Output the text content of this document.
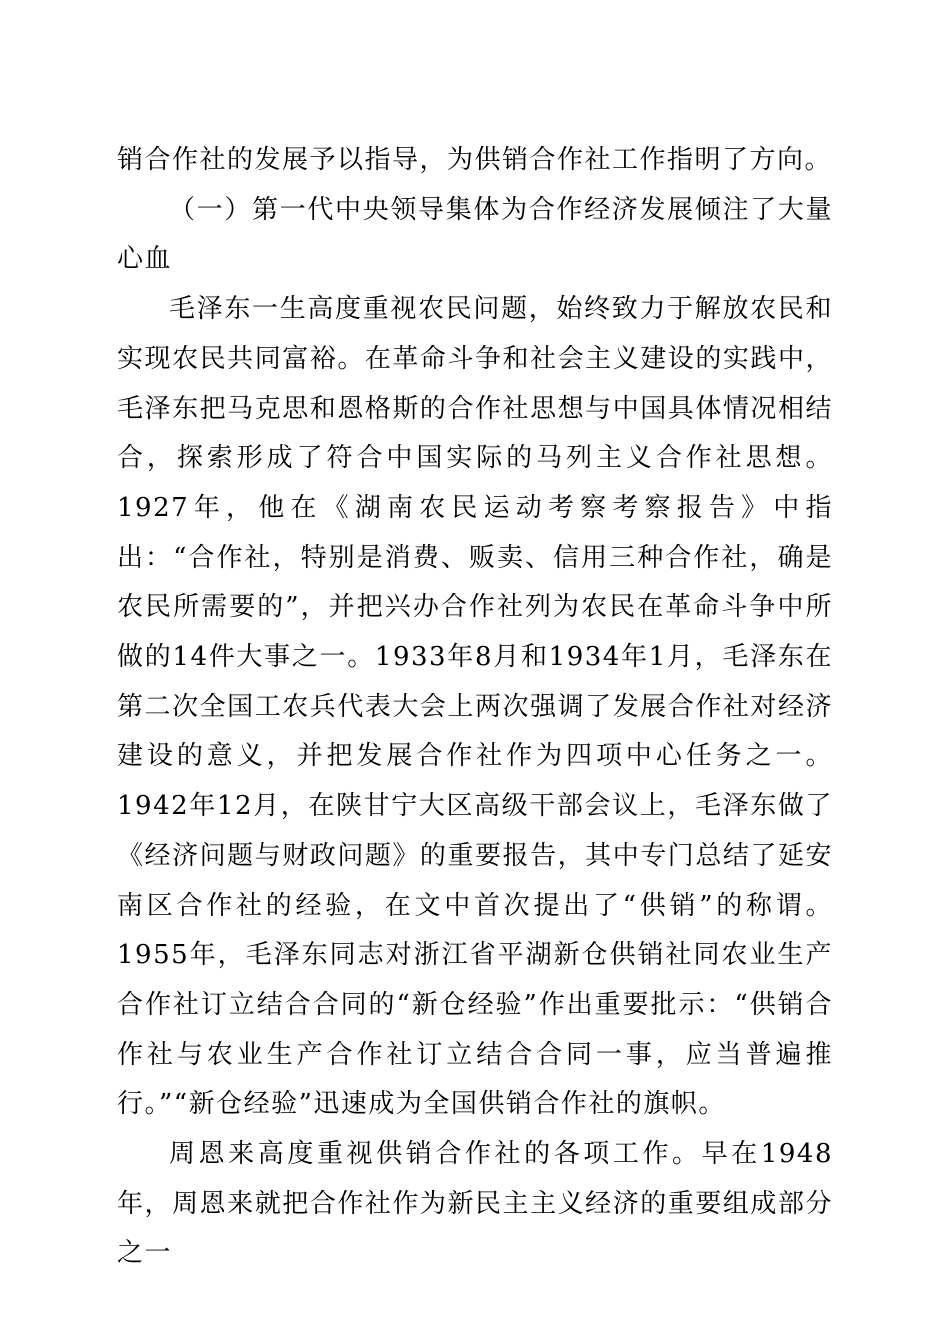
销合作社的发展予以指导，为供销合作社工作指明了方向。

（一）第一代中央领导集体为合作经济发展倾注了大量心血

毛泽东一生高度重视农民问题，始终致力于解放农民和实现农民共同富裕。在革命斗争和社会主义建设的实践中，毛泽东把马克思和恩格斯的合作社思想与中国具体情况相结合，探索形成了符合中国实际的马列主义合作社思想。1927年，他在《湖南农民运动考察考察报告》中指出：“合作社，特别是消费、贩卖、信用三种合作社，确是农民所需要的”，并把兴办合作社列为农民在革命斗争中所做的14件大事之一。1933年8月和1934年1月，毛泽东在第二次全国工农兵代表大会上两次强调了发展合作社对经济建设的意义，并把发展合作社作为四项中心任务之一。1942年12月，在陕甘宁大区高级干部会议上，毛泽东做了《经济问题与财政问题》的重要报告，其中专门总结了延安南区合作社的经验，在文中首次提出了“供销”的称谓。1955年，毛泽东同志对浙江省平湖新仓供销社同农业生产合作社订立结合合同的“新仓经验”作出重要批示：“供销合作社与农业生产合作社订立结合合同一事，应当普遍推行。”“新仓经验”迅速成为全国供销合作社的旗帜。

周恩来高度重视供销合作社的各项工作。早在1948年，周恩来就把合作社作为新民主主义经济的重要组成部分之一
